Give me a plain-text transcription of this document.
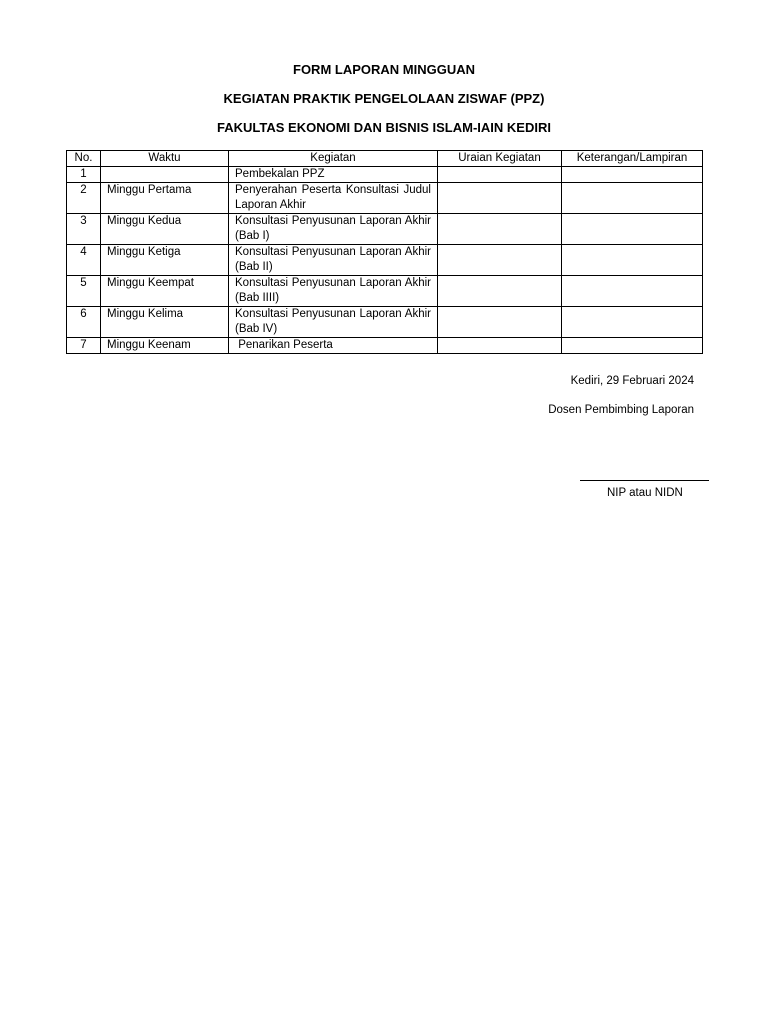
FORM LAPORAN MINGGUAN
KEGIATAN PRAKTIK PENGELOLAAN ZISWAF (PPZ)
FAKULTAS EKONOMI DAN BISNIS ISLAM-IAIN KEDIRI
No.	Waktu	Kegiatan	Uraian Kegiatan	Keterangan/Lampiran
1		Pembekalan PPZ		
2	Minggu Pertama	Penyerahan Peserta Konsultasi Judul Laporan Akhir		
3	Minggu Kedua	Konsultasi Penyusunan Laporan Akhir (Bab I)		
4	Minggu Ketiga	Konsultasi Penyusunan Laporan Akhir (Bab II)		
5	Minggu Keempat	Konsultasi Penyusunan Laporan Akhir (Bab IIII)		
6	Minggu Kelima	Konsultasi Penyusunan Laporan Akhir (Bab IV)		
7	Minggu Keenam	Penarikan Peserta		
Kediri, 29 Februari 2024
Dosen Pembimbing Laporan
NIP atau NIDN
